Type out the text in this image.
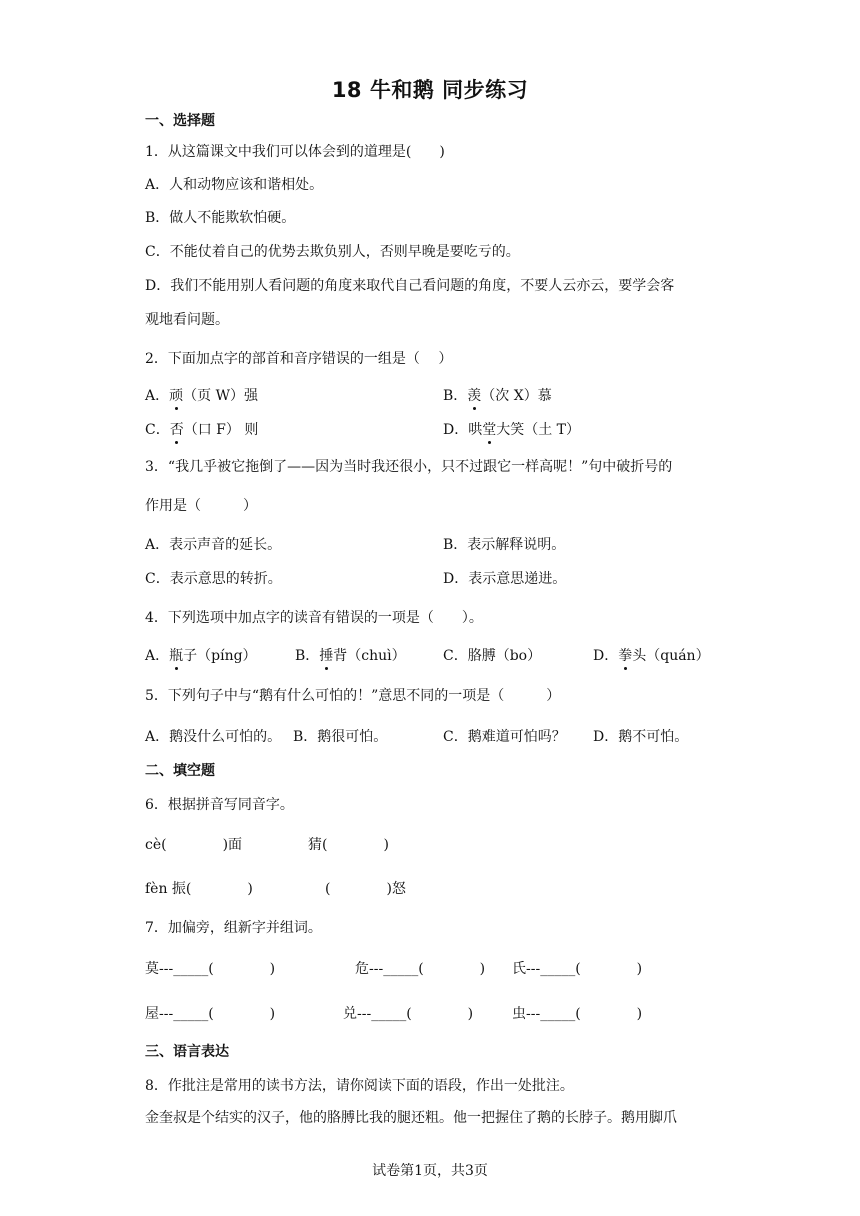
18 牛和鹅 同步练习
一、选择题
1．从这篇课文中我们可以体会到的道理是(　　)
A．人和动物应该和谐相处。
B．做人不能欺软怕硬。
C．不能仗着自己的优势去欺负别人，否则早晚是要吃亏的。
D．我们不能用别人看问题的角度来取代自己看问题的角度，不要人云亦云，要学会客
观地看问题。
2．下面加点字的部首和音序错误的一组是（　 ）
A．顽（页 W）强	B．羡（次 X）慕
C．否（口 F） 则	D．哄堂大笑（土 T）
3．“我几乎被它拖倒了——因为当时我还很小，只不过跟它一样高呢！”句中破折号的
作用是（　　　）
A．表示声音的延长。	B．表示解释说明。
C．表示意思的转折。	D．表示意思递进。
4．下列选项中加点字的读音有错误的一项是（　　）。
A．瓶子（píng）	B．捶背（chuì）	C．胳膊（bo）	D．拳头（quán）
5．下列句子中与“鹅有什么可怕的！”意思不同的一项是（　　　）
A．鹅没什么可怕的。 B．鹅很可怕。	C．鹅难道可怕吗？ D．鹅不可怕。
二、填空题
6．根据拼音写同音字。
cè(　　　　)面	猜(　　　　)
fèn 振(　　　　)	(　　　　)怒
7．加偏旁，组新字并组词。
莫---_____(　　　　)	危---_____(　　　　) 氏---_____(　　　　)
屋---_____(　　　　)	兑---_____(　　　　)	虫---_____(　　　　)
三、语言表达
8．作批注是常用的读书方法，请你阅读下面的语段，作出一处批注。
金奎叔是个结实的汉子，他的胳膊比我的腿还粗。他一把握住了鹅的长脖子。鹅用脚爪
试卷第1页，共3页
